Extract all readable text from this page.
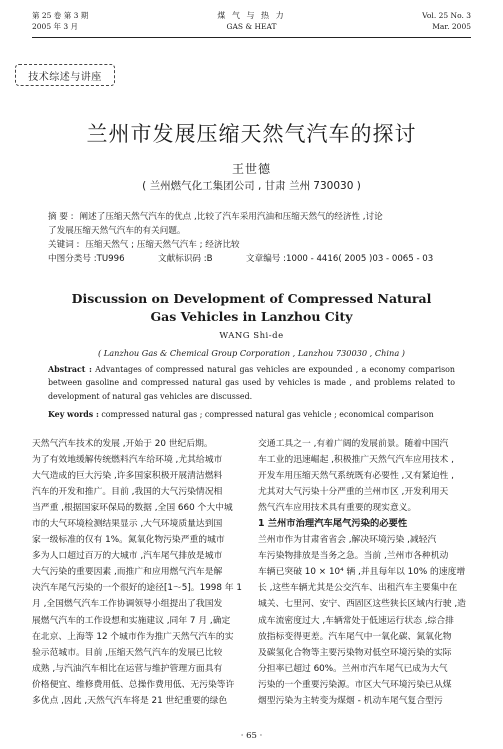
第 25 卷 第 3 期
2005 年 3 月
煤 气 与 热 力
GAS & HEAT
Vol. 25 No. 3
Mar. 2005
技术综述与讲座
兰州市发展压缩天然气汽车的探讨
王世德
( 兰州燃气化工集团公司 , 甘肃 兰州 730030 )
摘 要 : 阐述了压缩天然气汽车的优点 ,比较了汽车采用汽油和压缩天然气的经济性 ,讨论
了发展压缩天然气汽车的有关问题。
关键词 : 压缩天然气 ; 压缩天然气汽车 ; 经济比较
中图分类号 :TU996	文献标识码 :B	文章编号 :1000 - 4416( 2005 )03 - 0065 - 03
Discussion on Development of Compressed Natural
Gas Vehicles in Lanzhou City
WANG Shi-de
( Lanzhou Gas & Chemical Group Corporation , Lanzhou 730030 , China )
Abstract : Advantages of compressed natural gas vehicles are expounded , a economy comparison between gasoline and compressed natural gas used by vehicles is made , and problems related to development of natural gas vehicles are discussed.
Key words : compressed natural gas ; compressed natural gas vehicle ; economical comparison

天然气汽车技术的发展 ,开始于 20 世纪后期。

为了有效地缓解传统燃料汽车给环境 ,尤其给城市

大气造成的巨大污染 ,许多国家积极开展清洁燃料

汽车的开发和推广。目前 ,我国的大气污染情况相

当严重 ,根据国家环保局的数据 ,全国 660 个大中城

市的大气环境检测结果显示 ,大气环境质量达到国

家一级标准的仅有 1%。氮氧化物污染严重的城市

多为人口超过百万的大城市 ,汽车尾气排放是城市

大气污染的重要因素 ,而推广和应用燃气汽车是解

决汽车尾气污染的一个很好的途径[1～5]。1998 年 1

月 ,全国燃气汽车工作协调领导小组提出了我国发

展燃气汽车的工作设想和实施建议 ,同年 7 月 ,确定

在北京、上海等 12 个城市作为推广天然气汽车的实

验示范城市。目前 ,压缩天然气汽车的发展已比较

成熟 ,与汽油汽车相比在运营与维护管理方面具有

价格便宜、维修费用低、总操作费用低、无污染等许

多优点 ,因此 ,天然气汽车将是 21 世纪重要的绿色

交通工具之一 ,有着广阔的发展前景。随着中国汽

车工业的迅速崛起 ,积极推广天然气汽车应用技术 ,

开发车用压缩天然气系统既有必要性 ,又有紧迫性 ,

尤其对大气污染十分严重的兰州市区 ,开发利用天

然气汽车应用技术具有重要的现实意义。

1 兰州市治理汽车尾气污染的必要性

兰州市作为甘肃省省会 ,解决环境污染 ,减轻汽

车污染物排放是当务之急。当前 ,兰州市各种机动

车辆已突破 10 × 10⁴ 辆 ,并且每年以 10% 的速度增

长 ,这些车辆尤其是公交汽车、出租汽车主要集中在

城关、七里河、安宁、西固区这些狭长区域内行驶 ,造

成车流密度过大 ,车辆常处于低速运行状态 ,综合排

放指标变得更差。汽车尾气中一氧化碳、氮氧化物

及碳氢化合物等主要污染物对低空环境污染的实际

分担率已超过 60%。兰州市汽车尾气已成为大气

污染的一个重要污染源。市区大气环境污染已从煤

烟型污染为主转变为煤烟 - 机动车尾气复合型污

· 65 ·
